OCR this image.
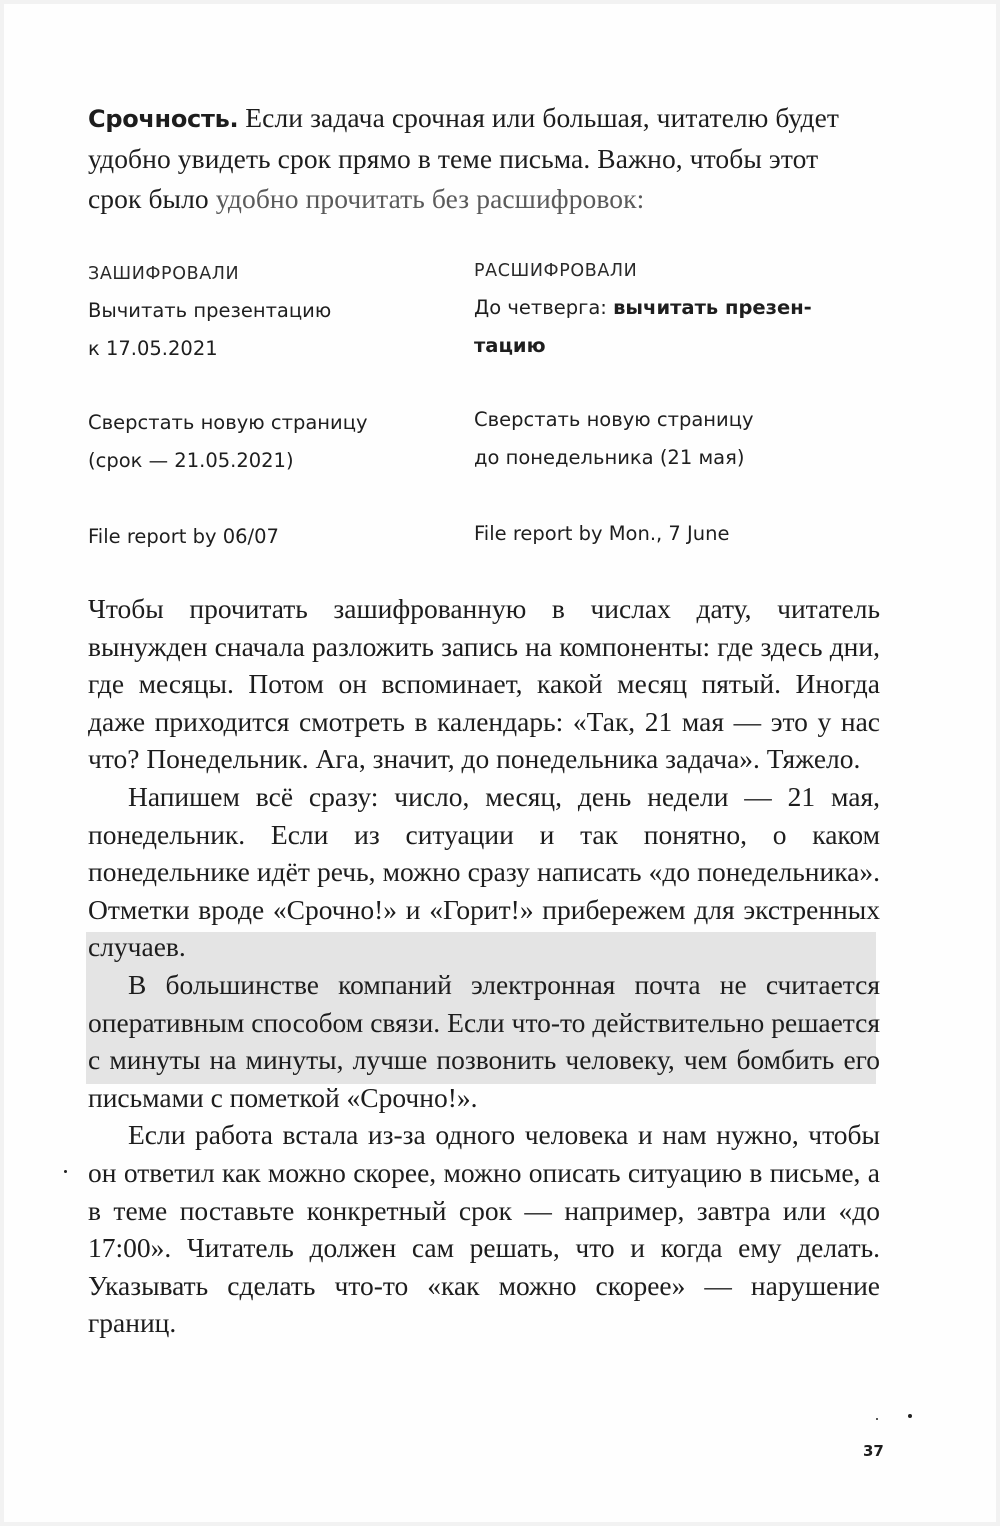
Срочность. Если задача срочная или большая, читателю будет
удобно увидеть срок прямо в теме письма. Важно, чтобы этот
срок было удобно прочитать без расшифровок:
ЗАШИФРОВАЛИ	РАСШИФРОВАЛИ
Вычитать презентацию
к 17.05.2021
До четверга: вычитать презен-
тацию
Сверстать новую страницу
(срок — 21.05.2021)
Сверстать новую страницу
до понедельника (21 мая)
File report by 06/07	File report by Mon., 7 June

Чтобы прочитать зашифрованную в числах дату, читатель вынужден сначала разложить запись на компоненты: где здесь дни, где месяцы. Потом он вспоминает, какой месяц пятый. Иногда даже приходится смотреть в календарь: «Так, 21 мая — это у нас что? Понедельник. Ага, значит, до понедельника задача». Тяжело.

Напишем всё сразу: число, месяц, день недели — 21 мая, понедельник. Если из ситуации и так понятно, о каком понедельнике идёт речь, можно сразу написать «до понедельника». Отметки вроде «Срочно!» и «Горит!» прибережем для экстренных случаев.

В большинстве компаний электронная почта не считается оперативным способом связи. Если что-то действительно решается с минуты на минуты, лучше позвонить человеку, чем бомбить его письмами с пометкой «Срочно!».

Если работа встала из-за одного человека и нам нужно, чтобы он ответил как можно скорее, можно описать ситуацию в письме, а в теме поставьте конкретный срок — например, завтра или «до 17:00». Читатель должен сам решать, что и когда ему делать. Указывать сделать что-то «как можно скорее» — нарушение границ.

37
